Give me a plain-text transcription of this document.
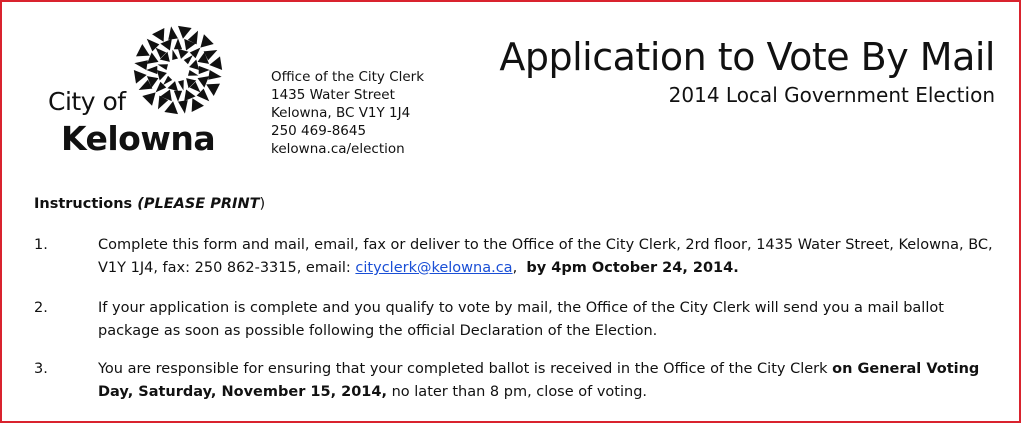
City of
Kelowna
Office of the City Clerk
1435 Water Street
Kelowna, BC V1Y 1J4
250 469-8645
kelowna.ca/election
Application to Vote By Mail
2014 Local Government Election
Instructions (PLEASE PRINT)
1.	Complete this form and mail, email, fax or deliver to the Office of the City Clerk, 2rd floor, 1435 Water Street, Kelowna, BC, V1Y 1J4, fax: 250 862-3315, email: cityclerk@kelowna.ca,  by 4pm October 24, 2014.
2.	If your application is complete and you qualify to vote by mail, the Office of the City Clerk will send you a mail ballot package as soon as possible following the official Declaration of the Election.
3.	You are responsible for ensuring that your completed ballot is received in the Office of the City Clerk on General Voting Day, Saturday, November 15, 2014, no later than 8 pm, close of voting.
